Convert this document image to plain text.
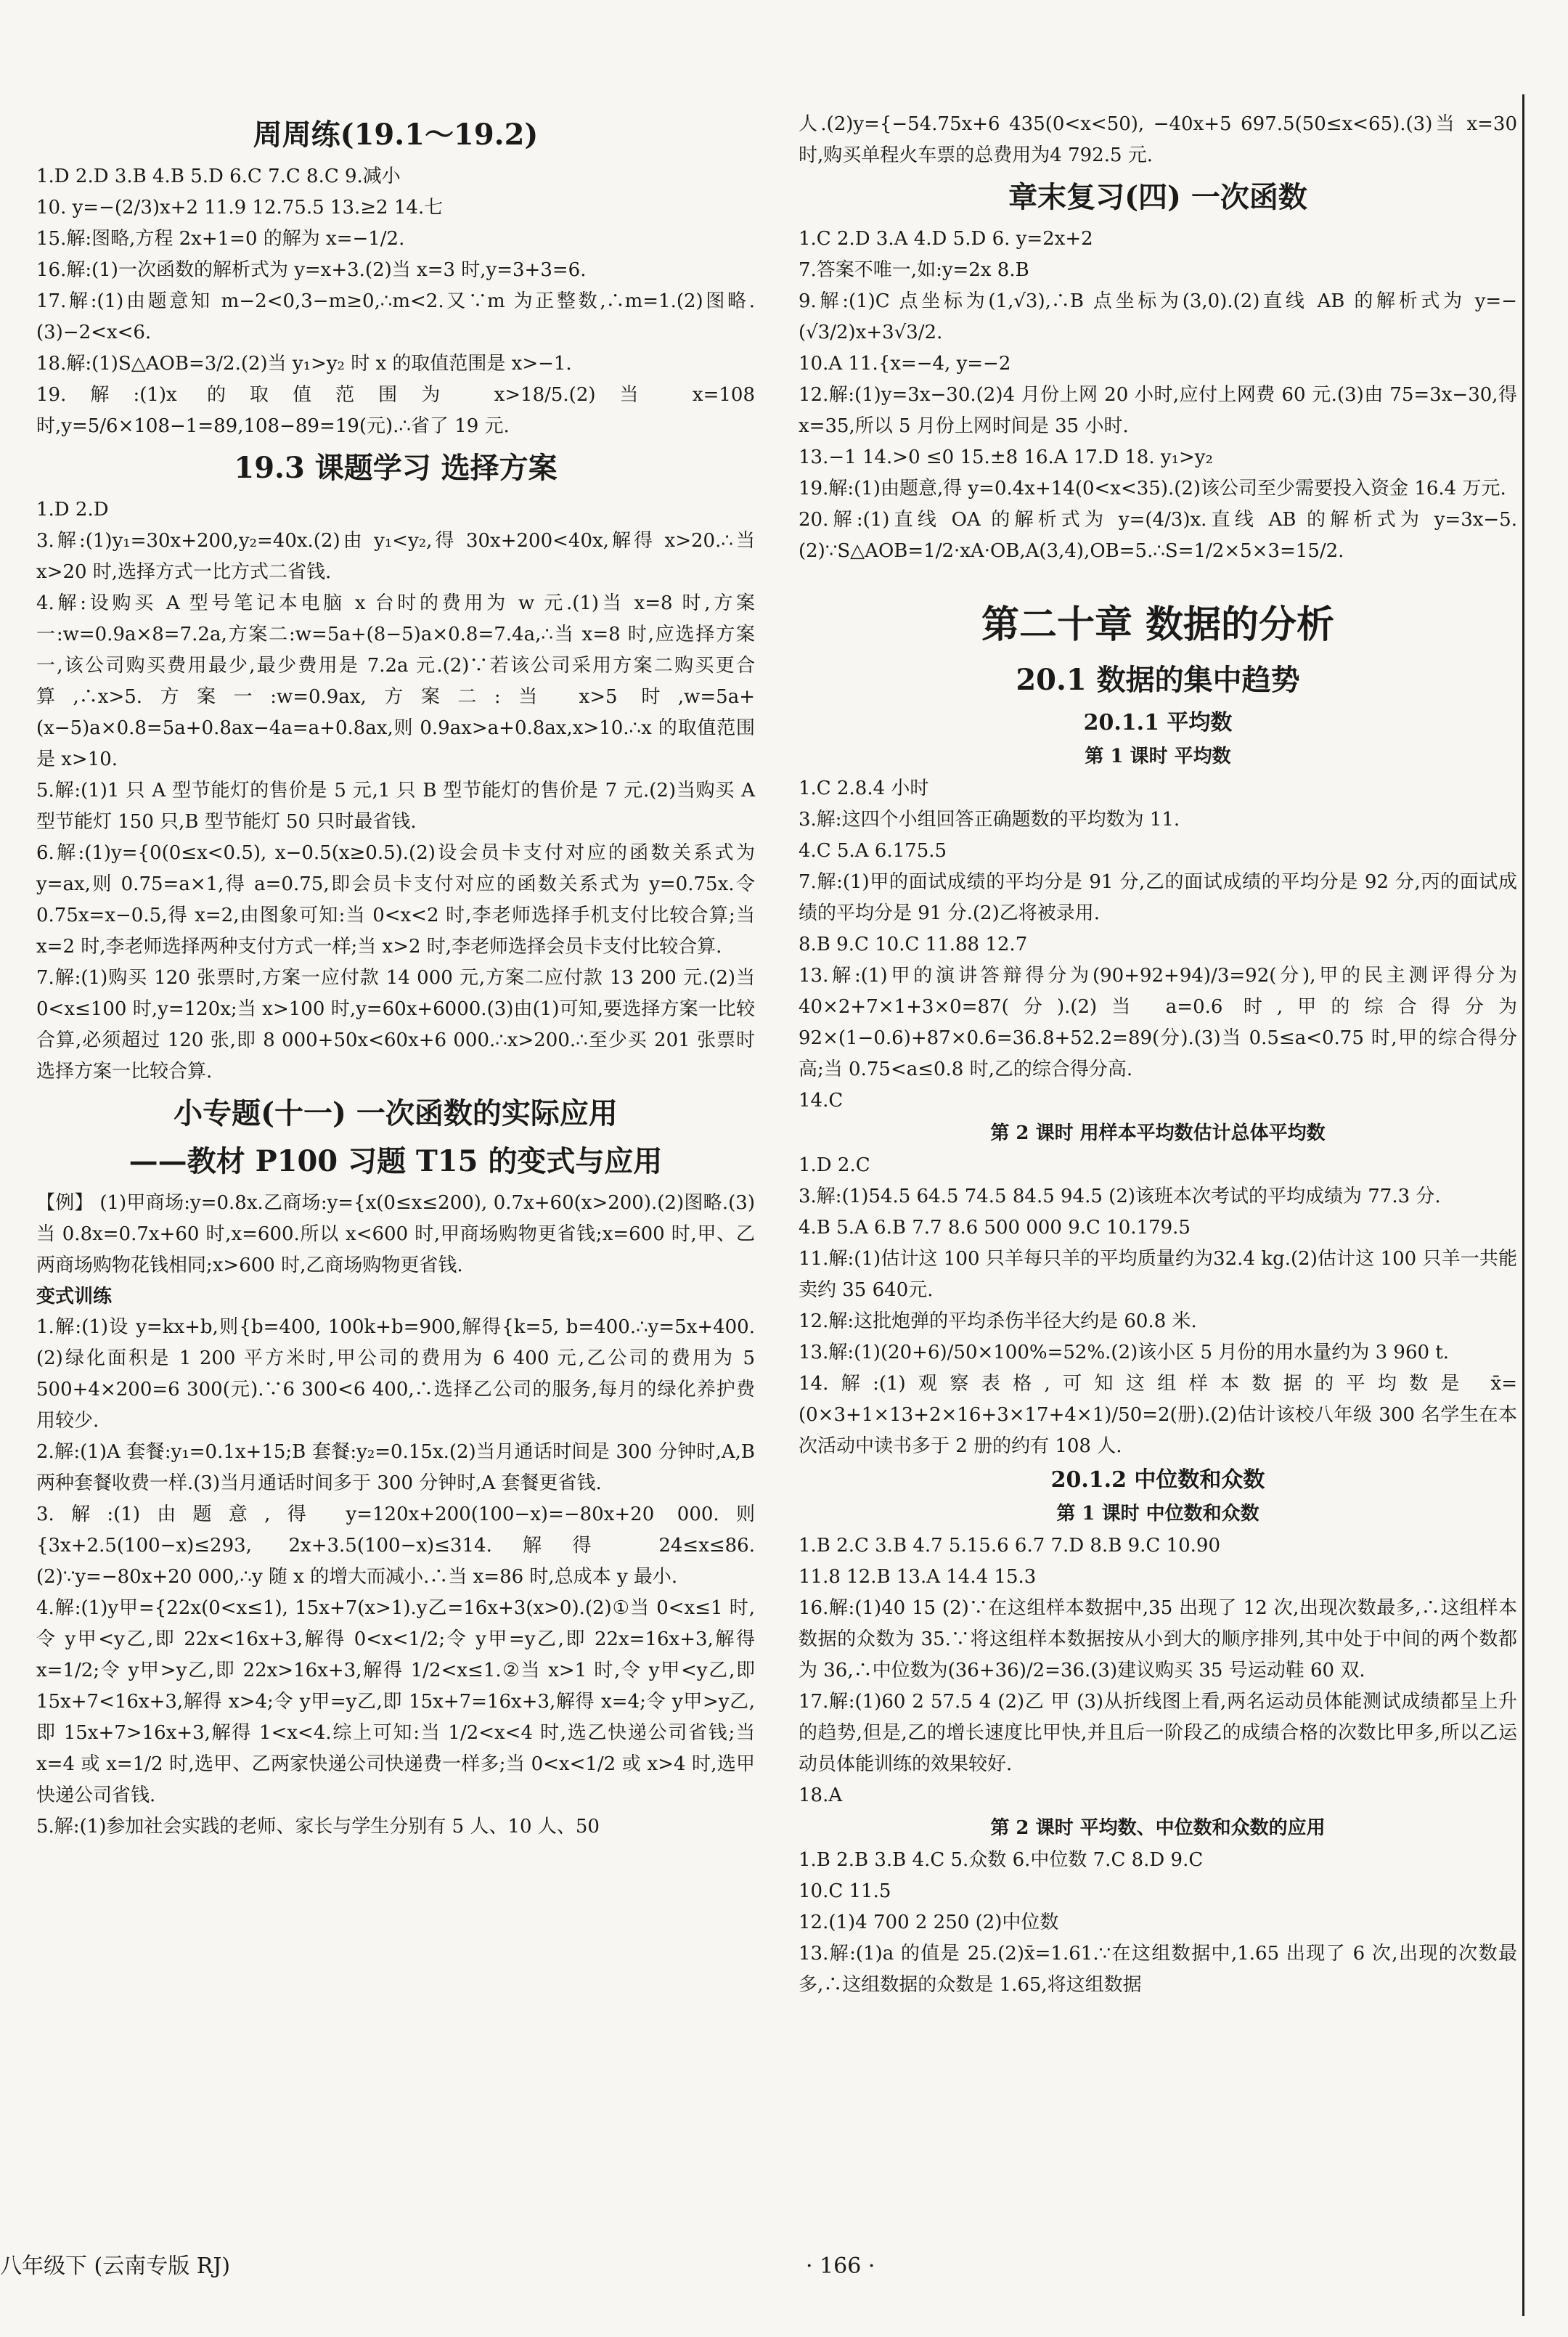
周周练(19.1～19.2)
1.D 2.D 3.B 4.B 5.D 6.C 7.C 8.C 9.减小
10. y=−(2/3)x+2 11.9 12.75.5 13.≥2 14.七
15.解:图略,方程 2x+1=0 的解为 x=−1/2.
16.解:(1)一次函数的解析式为 y=x+3.(2)当 x=3 时,y=3+3=6.
17.解:(1)由题意知 m−2<0,3−m≥0,∴m<2.又∵m 为正整数,∴m=1.(2)图略.(3)−2<x<6.
18.解:(1)S△AOB=3/2.(2)当 y₁>y₂ 时 x 的取值范围是 x>−1.
19.解:(1)x 的取值范围为 x>18/5.(2)当 x=108 时,y=5/6×108−1=89,108−89=19(元).∴省了 19 元.
19.3 课题学习 选择方案
1.D 2.D
3.解:(1)y₁=30x+200,y₂=40x.(2)由 y₁<y₂,得 30x+200<40x,解得 x>20.∴当 x>20 时,选择方式一比方式二省钱.
4.解:设购买 A 型号笔记本电脑 x 台时的费用为 w 元.(1)当 x=8 时,方案一:w=0.9a×8=7.2a,方案二:w=5a+(8−5)a×0.8=7.4a,∴当 x=8 时,应选择方案一,该公司购买费用最少,最少费用是 7.2a 元.(2)∵若该公司采用方案二购买更合算,∴x>5.方案一:w=0.9ax,方案二:当 x>5 时,w=5a+(x−5)a×0.8=5a+0.8ax−4a=a+0.8ax,则 0.9ax>a+0.8ax,x>10.∴x 的取值范围是 x>10.
5.解:(1)1 只 A 型节能灯的售价是 5 元,1 只 B 型节能灯的售价是 7 元.(2)当购买 A 型节能灯 150 只,B 型节能灯 50 只时最省钱.
6.解:(1)y={0(0≤x<0.5), x−0.5(x≥0.5).(2)设会员卡支付对应的函数关系式为 y=ax,则 0.75=a×1,得 a=0.75,即会员卡支付对应的函数关系式为 y=0.75x.令 0.75x=x−0.5,得 x=2,由图象可知:当 0<x<2 时,李老师选择手机支付比较合算;当 x=2 时,李老师选择两种支付方式一样;当 x>2 时,李老师选择会员卡支付比较合算.
7.解:(1)购买 120 张票时,方案一应付款 14 000 元,方案二应付款 13 200 元.(2)当 0<x≤100 时,y=120x;当 x>100 时,y=60x+6000.(3)由(1)可知,要选择方案一比较合算,必须超过 120 张,即 8 000+50x<60x+6 000.∴x>200.∴至少买 201 张票时选择方案一比较合算.
小专题(十一) 一次函数的实际应用
——教材 P100 习题 T15 的变式与应用
【例】 (1)甲商场:y=0.8x.乙商场:y={x(0≤x≤200), 0.7x+60(x>200).(2)图略.(3)当 0.8x=0.7x+60 时,x=600.所以 x<600 时,甲商场购物更省钱;x=600 时,甲、乙两商场购物花钱相同;x>600 时,乙商场购物更省钱.
变式训练
1.解:(1)设 y=kx+b,则{b=400, 100k+b=900,解得{k=5, b=400.∴y=5x+400.(2)绿化面积是 1 200 平方米时,甲公司的费用为 6 400 元,乙公司的费用为 5 500+4×200=6 300(元).∵6 300<6 400,∴选择乙公司的服务,每月的绿化养护费用较少.
2.解:(1)A 套餐:y₁=0.1x+15;B 套餐:y₂=0.15x.(2)当月通话时间是 300 分钟时,A,B 两种套餐收费一样.(3)当月通话时间多于 300 分钟时,A 套餐更省钱.
3.解:(1)由题意,得 y=120x+200(100−x)=−80x+20 000.则{3x+2.5(100−x)≤293, 2x+3.5(100−x)≤314.解得 24≤x≤86.(2)∵y=−80x+20 000,∴y 随 x 的增大而减小.∴当 x=86 时,总成本 y 最小.
4.解:(1)y甲={22x(0<x≤1), 15x+7(x>1).y乙=16x+3(x>0).(2)①当 0<x≤1 时,令 y甲<y乙,即 22x<16x+3,解得 0<x<1/2;令 y甲=y乙,即 22x=16x+3,解得 x=1/2;令 y甲>y乙,即 22x>16x+3,解得 1/2<x≤1.②当 x>1 时,令 y甲<y乙,即 15x+7<16x+3,解得 x>4;令 y甲=y乙,即 15x+7=16x+3,解得 x=4;令 y甲>y乙,即 15x+7>16x+3,解得 1<x<4.综上可知:当 1/2<x<4 时,选乙快递公司省钱;当 x=4 或 x=1/2 时,选甲、乙两家快递公司快递费一样多;当 0<x<1/2 或 x>4 时,选甲快递公司省钱.
5.解:(1)参加社会实践的老师、家长与学生分别有 5 人、10 人、50
人.(2)y={−54.75x+6 435(0<x<50), −40x+5 697.5(50≤x<65).(3)当 x=30 时,购买单程火车票的总费用为4 792.5 元.
章末复习(四) 一次函数
1.C 2.D 3.A 4.D 5.D 6. y=2x+2
7.答案不唯一,如:y=2x 8.B
9.解:(1)C 点坐标为(1,√3),∴B 点坐标为(3,0).(2)直线 AB 的解析式为 y=−(√3/2)x+3√3/2.
10.A 11.{x=−4, y=−2
12.解:(1)y=3x−30.(2)4 月份上网 20 小时,应付上网费 60 元.(3)由 75=3x−30,得 x=35,所以 5 月份上网时间是 35 小时.
13.−1 14.>0 ≤0 15.±8 16.A 17.D 18. y₁>y₂
19.解:(1)由题意,得 y=0.4x+14(0<x<35).(2)该公司至少需要投入资金 16.4 万元.
20.解:(1)直线 OA 的解析式为 y=(4/3)x.直线 AB 的解析式为 y=3x−5.(2)∵S△AOB=1/2·xA·OB,A(3,4),OB=5.∴S=1/2×5×3=15/2.
第二十章 数据的分析
20.1 数据的集中趋势
20.1.1 平均数
第 1 课时 平均数
1.C 2.8.4 小时
3.解:这四个小组回答正确题数的平均数为 11.
4.C 5.A 6.175.5
7.解:(1)甲的面试成绩的平均分是 91 分,乙的面试成绩的平均分是 92 分,丙的面试成绩的平均分是 91 分.(2)乙将被录用.
8.B 9.C 10.C 11.88 12.7
13.解:(1)甲的演讲答辩得分为(90+92+94)/3=92(分),甲的民主测评得分为 40×2+7×1+3×0=87(分).(2)当 a=0.6 时,甲的综合得分为 92×(1−0.6)+87×0.6=36.8+52.2=89(分).(3)当 0.5≤a<0.75 时,甲的综合得分高;当 0.75<a≤0.8 时,乙的综合得分高.
14.C
第 2 课时 用样本平均数估计总体平均数
1.D 2.C
3.解:(1)54.5 64.5 74.5 84.5 94.5 (2)该班本次考试的平均成绩为 77.3 分.
4.B 5.A 6.B 7.7 8.6 500 000 9.C 10.179.5
11.解:(1)估计这 100 只羊每只羊的平均质量约为32.4 kg.(2)估计这 100 只羊一共能卖约 35 640元.
12.解:这批炮弹的平均杀伤半径大约是 60.8 米.
13.解:(1)(20+6)/50×100%=52%.(2)该小区 5 月份的用水量约为 3 960 t.
14.解:(1)观察表格,可知这组样本数据的平均数是 x̄=(0×3+1×13+2×16+3×17+4×1)/50=2(册).(2)估计该校八年级 300 名学生在本次活动中读书多于 2 册的约有 108 人.
20.1.2 中位数和众数
第 1 课时 中位数和众数
1.B 2.C 3.B 4.7 5.15.6 6.7 7.D 8.B 9.C 10.90
11.8 12.B 13.A 14.4 15.3
16.解:(1)40 15 (2)∵在这组样本数据中,35 出现了 12 次,出现次数最多,∴这组样本数据的众数为 35.∵将这组样本数据按从小到大的顺序排列,其中处于中间的两个数都为 36,∴中位数为(36+36)/2=36.(3)建议购买 35 号运动鞋 60 双.
17.解:(1)60 2 57.5 4 (2)乙 甲 (3)从折线图上看,两名运动员体能测试成绩都呈上升的趋势,但是,乙的增长速度比甲快,并且后一阶段乙的成绩合格的次数比甲多,所以乙运动员体能训练的效果较好.
18.A
第 2 课时 平均数、中位数和众数的应用
1.B 2.B 3.B 4.C 5.众数 6.中位数 7.C 8.D 9.C
10.C 11.5
12.(1)4 700 2 250 (2)中位数
13.解:(1)a 的值是 25.(2)x̄=1.61.∵在这组数据中,1.65 出现了 6 次,出现的次数最多,∴这组数据的众数是 1.65,将这组数据
八年级下 (云南专版 RJ)	· 166 ·
